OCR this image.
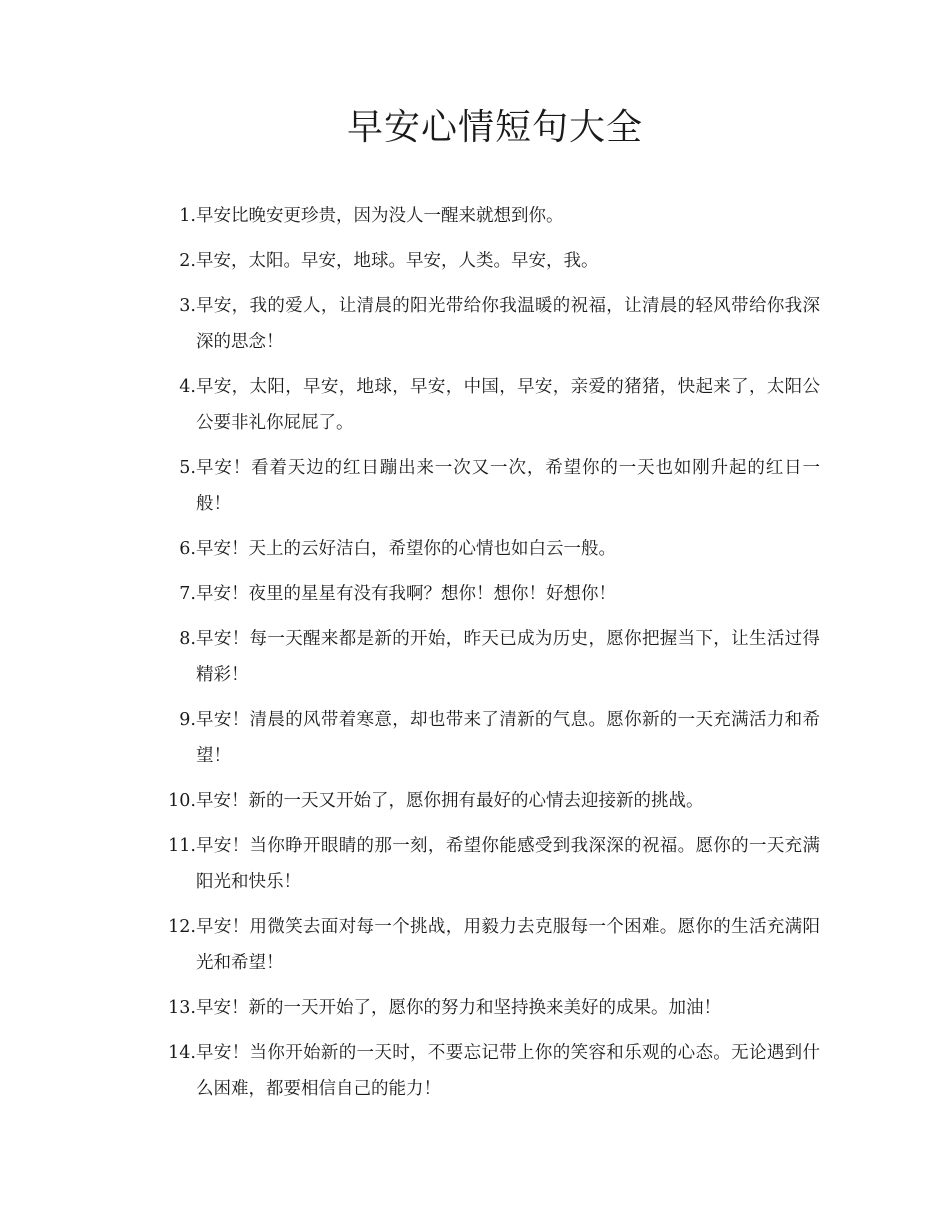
早安心情短句大全
1. 早安比晚安更珍贵，因为没人一醒来就想到你。
2. 早安，太阳。早安，地球。早安，人类。早安，我。
3. 早安，我的爱人，让清晨的阳光带给你我温暖的祝福，让清晨的轻风带给你我深深的思念！
4. 早安，太阳，早安，地球，早安，中国，早安，亲爱的猪猪，快起来了，太阳公公要非礼你屁屁了。
5. 早安！看着天边的红日蹦出来一次又一次，希望你的一天也如刚升起的红日一般！
6. 早安！天上的云好洁白，希望你的心情也如白云一般。
7. 早安！夜里的星星有没有我啊？想你！想你！好想你！
8. 早安！每一天醒来都是新的开始，昨天已成为历史，愿你把握当下，让生活过得精彩！
9. 早安！清晨的风带着寒意，却也带来了清新的气息。愿你新的一天充满活力和希望！
10. 早安！新的一天又开始了，愿你拥有最好的心情去迎接新的挑战。
11. 早安！当你睁开眼睛的那一刻，希望你能感受到我深深的祝福。愿你的一天充满阳光和快乐！
12. 早安！用微笑去面对每一个挑战，用毅力去克服每一个困难。愿你的生活充满阳光和希望！
13. 早安！新的一天开始了，愿你的努力和坚持换来美好的成果。加油！
14. 早安！当你开始新的一天时，不要忘记带上你的笑容和乐观的心态。无论遇到什么困难，都要相信自己的能力！
